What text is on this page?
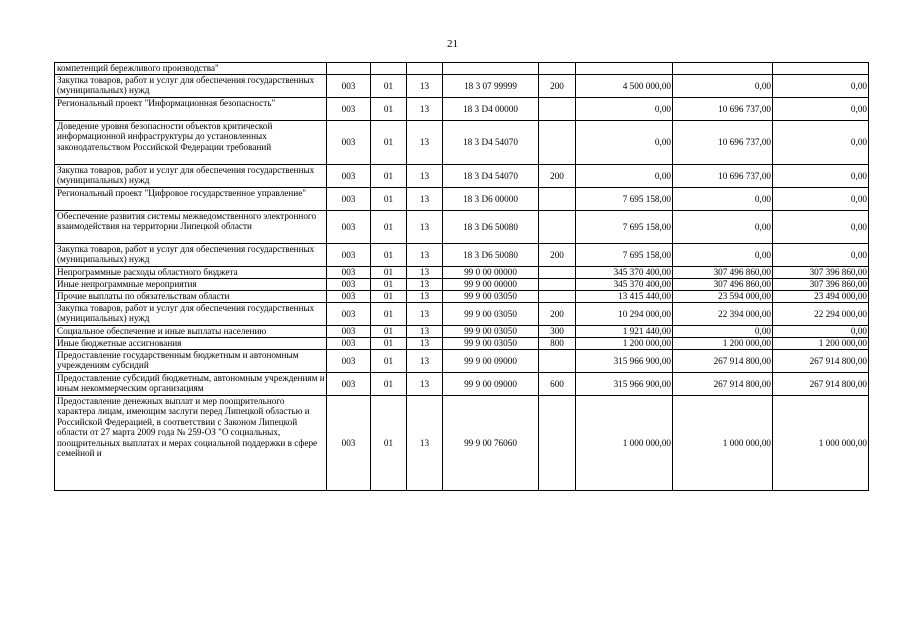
21
компетенций бережливого производства"								
Закупка товаров, работ и услуг для обеспечения государственных (муниципальных) нужд	003	01	13	18 3 07 99999	200	4 500 000,00	0,00	0,00
Региональный проект "Информационная безопасность"	003	01	13	18 3 D4 00000		0,00	10 696 737,00	0,00
Доведение уровня безопасности объектов критической информационной инфраструктуры до установленных законодательством Российской Федерации требований	003	01	13	18 3 D4 54070		0,00	10 696 737,00	0,00
Закупка товаров, работ и услуг для обеспечения государственных (муниципальных) нужд	003	01	13	18 3 D4 54070	200	0,00	10 696 737,00	0,00
Региональный проект "Цифровое государственное управление"	003	01	13	18 3 D6 00000		7 695 158,00	0,00	0,00
Обеспечение развития системы межведомственного электронного взаимодействия на территории Липецкой области	003	01	13	18 3 D6 50080		7 695 158,00	0,00	0,00
Закупка товаров, работ и услуг для обеспечения государственных (муниципальных) нужд	003	01	13	18 3 D6 50080	200	7 695 158,00	0,00	0,00
Непрограммные расходы областного бюджета	003	01	13	99 0 00 00000		345 370 400,00	307 496 860,00	307 396 860,00
Иные непрограммные мероприятия	003	01	13	99 9 00 00000		345 370 400,00	307 496 860,00	307 396 860,00
Прочие выплаты по обязательствам области	003	01	13	99 9 00 03050		13 415 440,00	23 594 000,00	23 494 000,00
Закупка товаров, работ и услуг для обеспечения государственных (муниципальных) нужд	003	01	13	99 9 00 03050	200	10 294 000,00	22 394 000,00	22 294 000,00
Социальное обеспечение и иные выплаты населению	003	01	13	99 9 00 03050	300	1 921 440,00	0,00	0,00
Иные бюджетные ассигнования	003	01	13	99 9 00 03050	800	1 200 000,00	1 200 000,00	1 200 000,00
Предоставление государственным бюджетным и автономным учреждениям субсидий	003	01	13	99 9 00 09000		315 966 900,00	267 914 800,00	267 914 800,00
Предоставление субсидий бюджетным, автономным учреждениям и иным некоммерческим организациям	003	01	13	99 9 00 09000	600	315 966 900,00	267 914 800,00	267 914 800,00
Предоставление денежных выплат и мер поощрительного характера лицам, имеющим заслуги перед Липецкой областью и Российской Федерацией, в соответствии с Законом Липецкой области от 27 марта 2009 года № 259-ОЗ "О социальных, поощрительных выплатах и мерах социальной поддержки в сфере семейной и	003	01	13	99 9 00 76060		1 000 000,00	1 000 000,00	1 000 000,00
